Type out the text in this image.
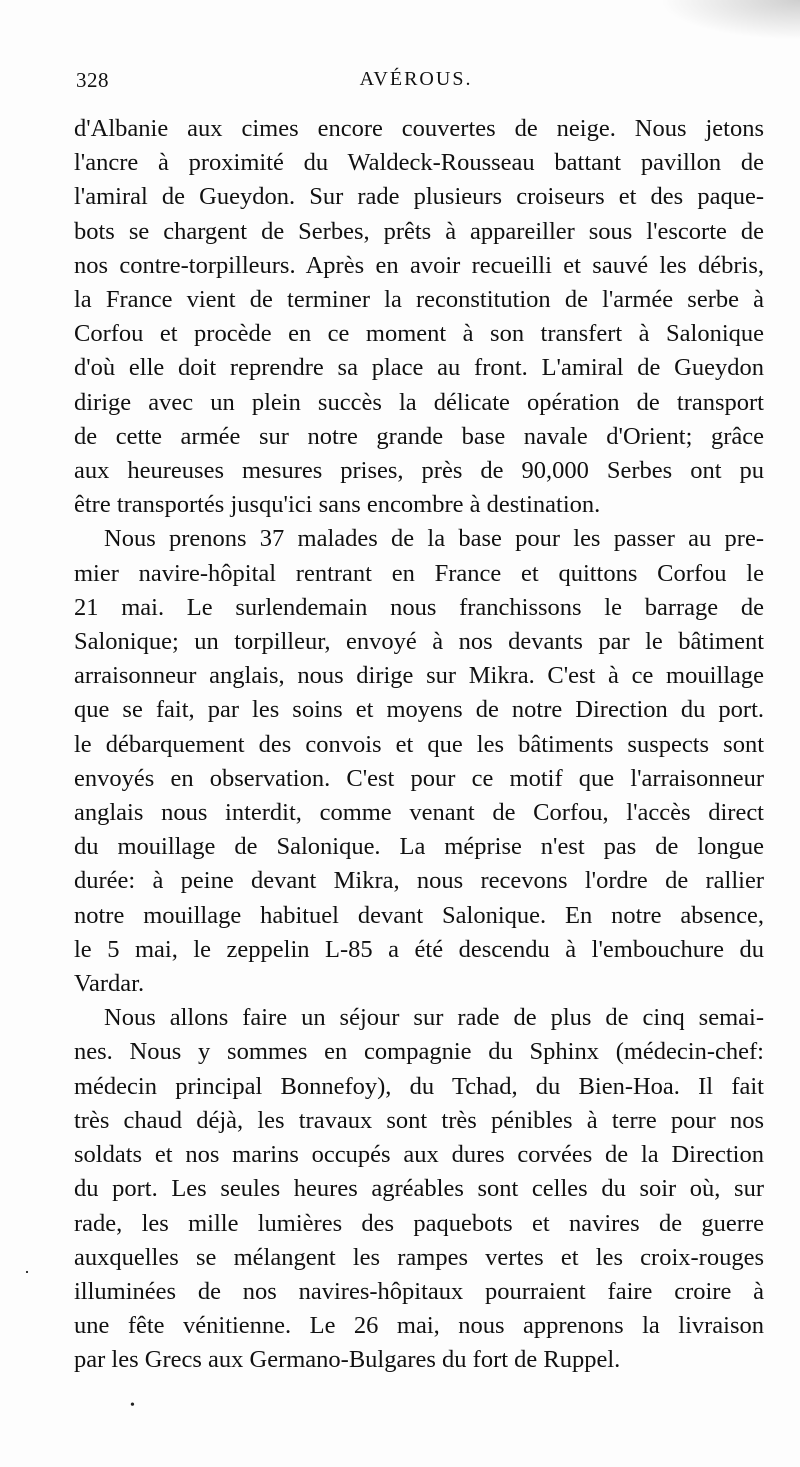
328	AVÉROUS.

d'Albanie aux cimes encore couvertes de neige. Nous jetons
l'ancre à proximité du Waldeck-Rousseau battant pavillon de
l'amiral de Gueydon. Sur rade plusieurs croiseurs et des paque-
bots se chargent de Serbes, prêts à appareiller sous l'escorte de
nos contre-torpilleurs. Après en avoir recueilli et sauvé les débris,
la France vient de terminer la reconstitution de l'armée serbe à
Corfou et procède en ce moment à son transfert à Salonique
d'où elle doit reprendre sa place au front. L'amiral de Gueydon
dirige avec un plein succès la délicate opération de transport
de cette armée sur notre grande base navale d'Orient; grâce
aux heureuses mesures prises, près de 90,000 Serbes ont pu
être transportés jusqu'ici sans encombre à destination.

Nous prenons 37 malades de la base pour les passer au pre-
mier navire-hôpital rentrant en France et quittons Corfou le
21 mai. Le surlendemain nous franchissons le barrage de
Salonique; un torpilleur, envoyé à nos devants par le bâtiment
arraisonneur anglais, nous dirige sur Mikra. C'est à ce mouillage
que se fait, par les soins et moyens de notre Direction du port.
le débarquement des convois et que les bâtiments suspects sont
envoyés en observation. C'est pour ce motif que l'arraisonneur
anglais nous interdit, comme venant de Corfou, l'accès direct
du mouillage de Salonique. La méprise n'est pas de longue
durée: à peine devant Mikra, nous recevons l'ordre de rallier
notre mouillage habituel devant Salonique. En notre absence,
le 5 mai, le zeppelin L-85 a été descendu à l'embouchure du
Vardar.

Nous allons faire un séjour sur rade de plus de cinq semai-
nes. Nous y sommes en compagnie du Sphinx (médecin-chef:
médecin principal Bonnefoy), du Tchad, du Bien-Hoa. Il fait
très chaud déjà, les travaux sont très pénibles à terre pour nos
soldats et nos marins occupés aux dures corvées de la Direction
du port. Les seules heures agréables sont celles du soir où, sur
rade, les mille lumières des paquebots et navires de guerre
auxquelles se mélangent les rampes vertes et les croix-rouges
illuminées de nos navires-hôpitaux pourraient faire croire à
une fête vénitienne. Le 26 mai, nous apprenons la livraison
par les Grecs aux Germano-Bulgares du fort de Ruppel.

·
•
